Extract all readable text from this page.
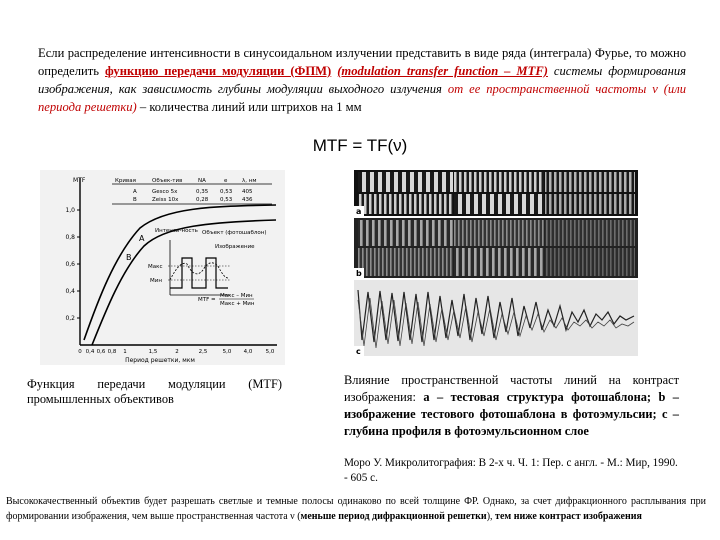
Если распределение интенсивности в синусоидальном излучении представить в виде ряда (интеграла) Фурье, то можно определить функцию передачи модуляции (ФПМ) (modulation transfer function – MTF) системы формирования изображения, как зависимость глубины модуляции выходного излучения от ее пространственной частоты ν (или периода решетки) – количества линий или штрихов на 1 мм
MTF = TF(ν)
MTF
1,0
0,8
0,6
0,4
0,2
0 0,4 0,6 0,8 1	1,5	2	2,5	5,0 4,0 5,0
Период решетки, мкм
Кривая	Объек-тив	NA	e	λ, нм
A	Gesco 5x	0,35 0,53 405
B	Zeiss 10x	0,28 0,53 436
A
B
Интенси-ность Объект (фотошаблон)
Изображение
Макс
Мин
MTF =
Макс – Мин
Макс + Мин
a
b
c
Функция передачи модуляции (MTF) промышленных объективов
Влияние пространственной частоты линий на контраст изображения: а – тестовая структура фотошаблона; b – изображение тестового фотошаблона в фотоэмульсии; с – глубина профиля в фотоэмульсионном слое
Моро У. Микролитография: В 2-х ч. Ч. 1: Пер. с англ. - М.: Мир, 1990. - 605 с.
Высококачественный объектив будет разрешать светлые и темные полосы одинаково по всей толщине ФР. Однако, за счет дифракционного расплывания при формировании изображения, чем выше пространственная частота ν (меньше период дифракционной решетки), тем ниже контраст изображения
